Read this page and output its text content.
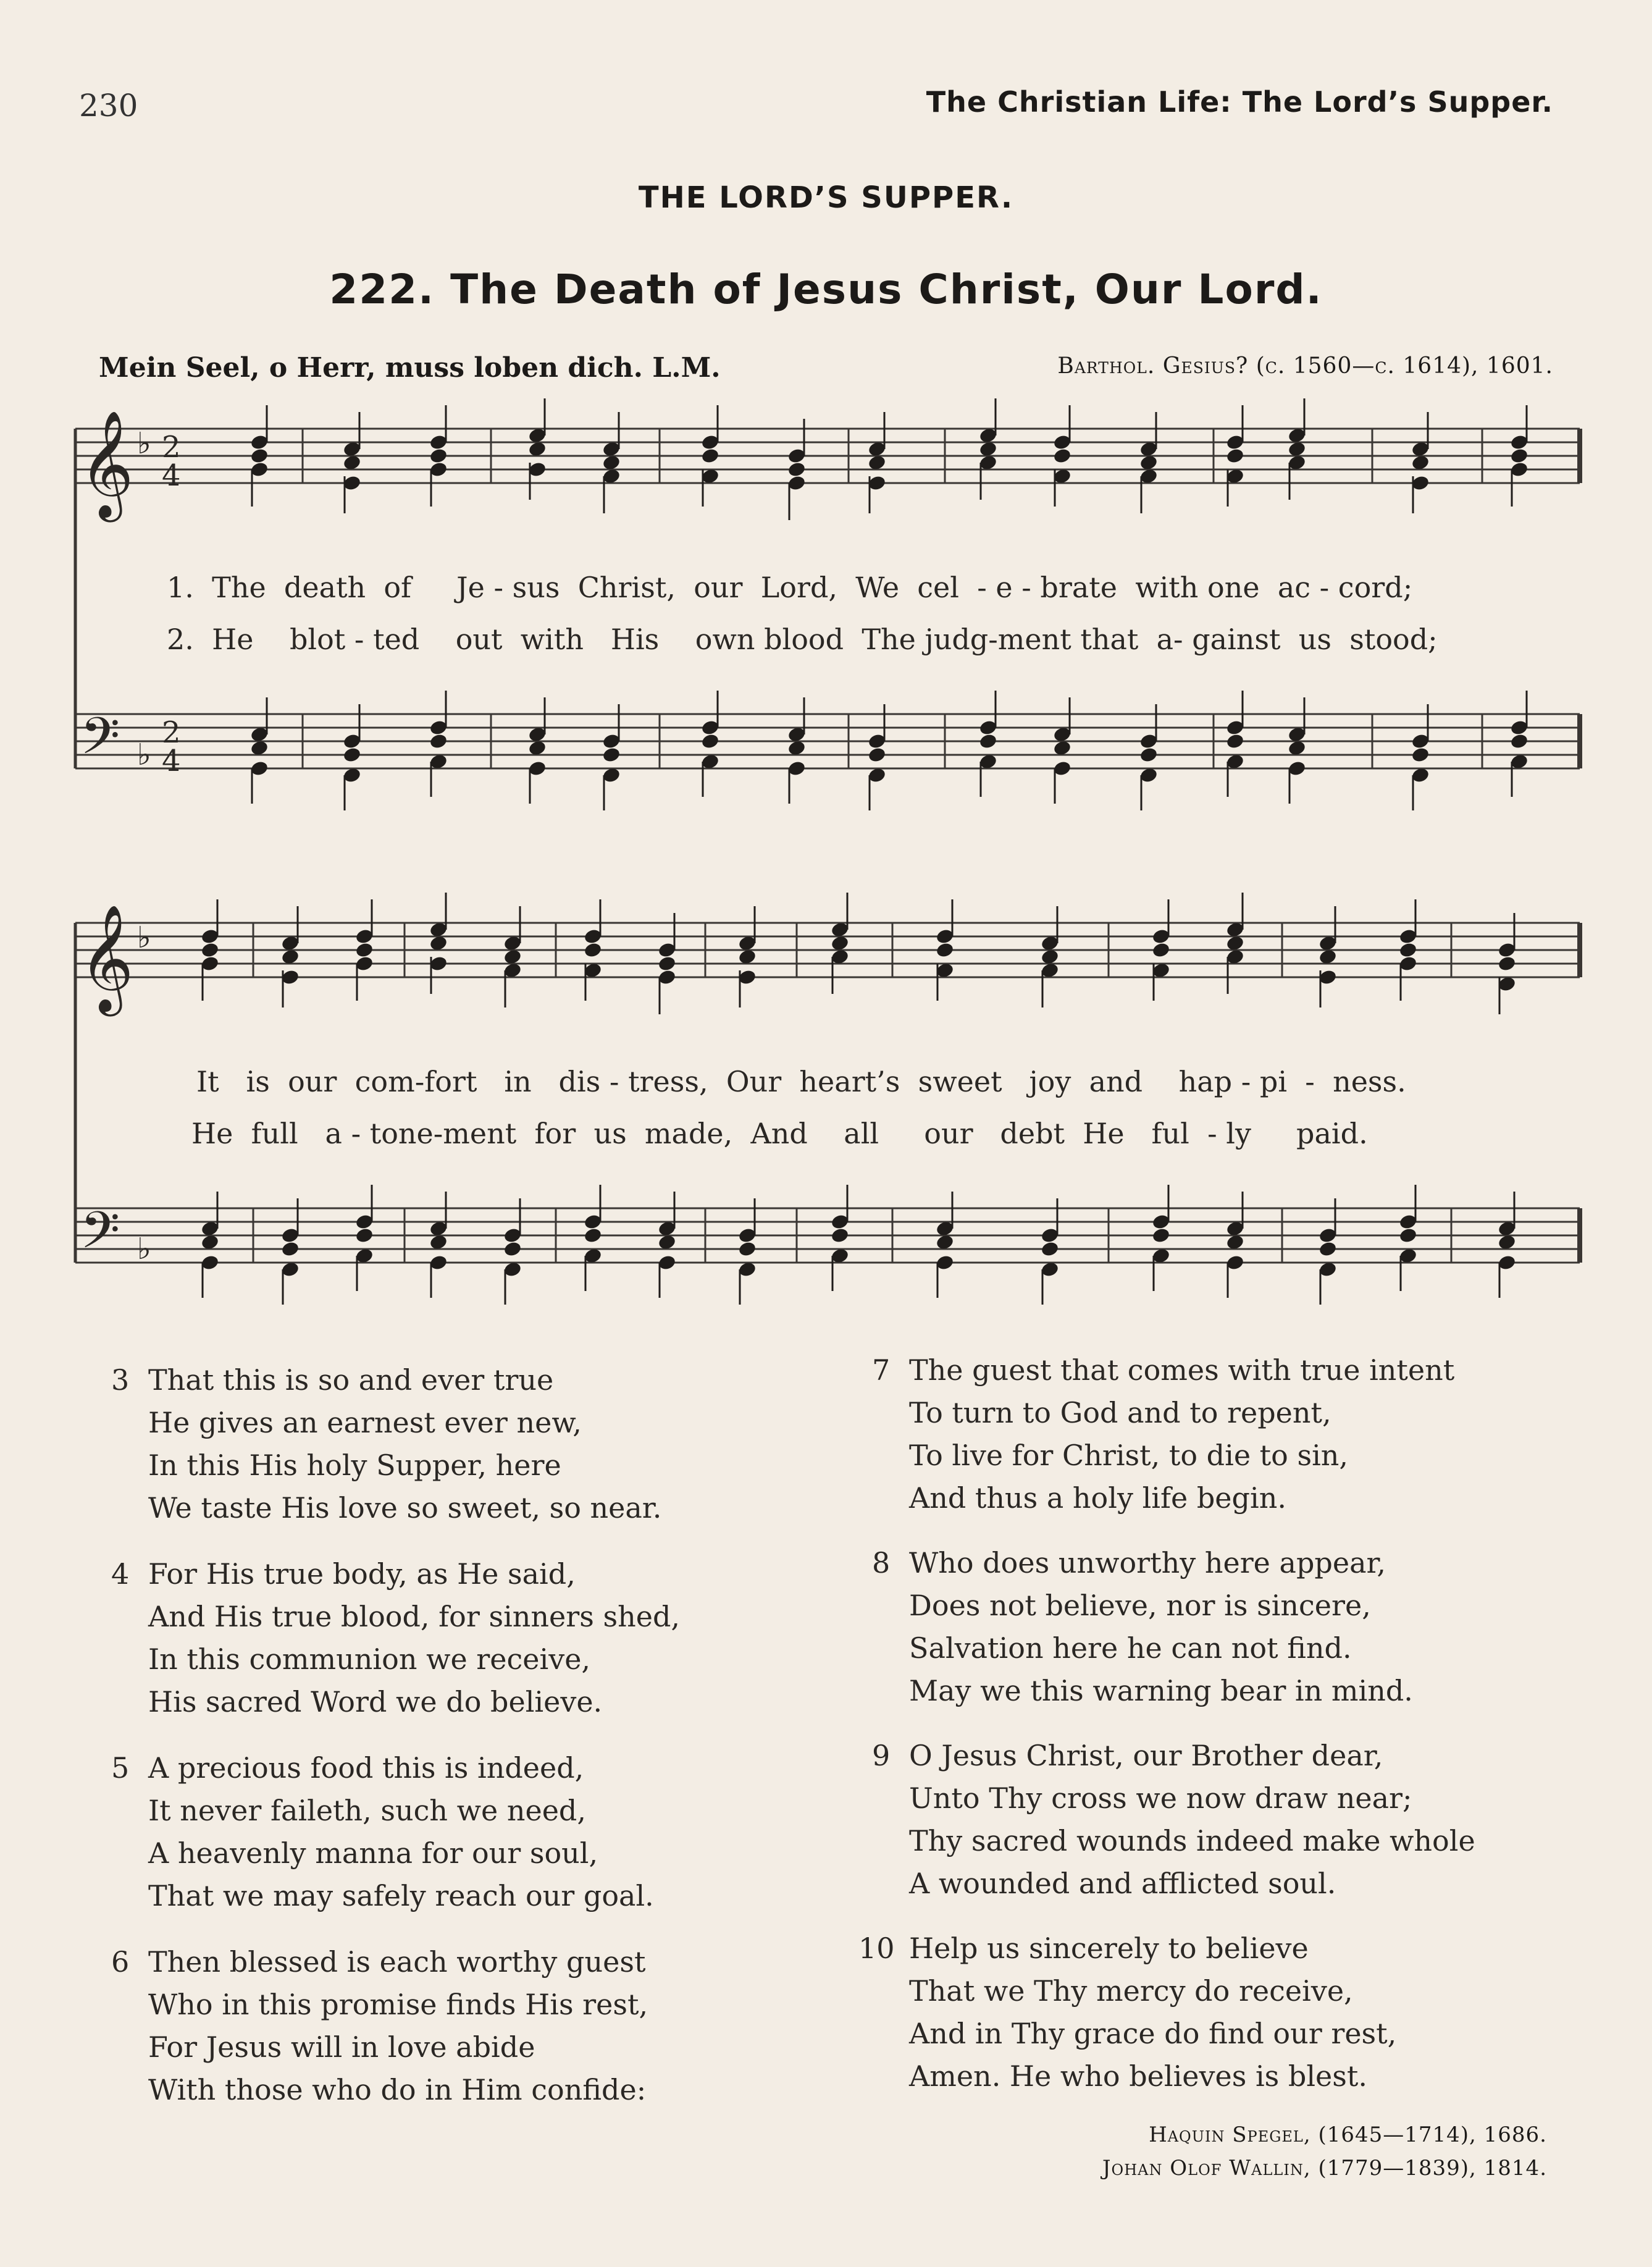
230	The Christian Life: The Lord’s Supper.
THE LORD’S SUPPER.
222. The Death of Jesus Christ, Our Lord.
Mein Seel, o Herr, muss loben dich. L.M.	Barthol. Gesius? (c. 1560—c. 1614), 1601.
𝄞
𝄞
𝄢
𝄢
2
4
2
4
♭
♭
♭
♭
1.  The  death  of     Je - sus  Christ,  our  Lord,  We  cel  - e - brate  with one  ac - cord;
2.  He    blot - ted    out  with   His    own blood  The judg-ment that  a- gainst  us  stood;
It   is  our  com-fort   in   dis - tress,  Our  heart’s  sweet   joy  and    hap - pi  -  ness.
He  full   a - tone-ment  for  us  made,  And    all     our   debt  He   ful  - ly     paid.
3 That this is so and ever true
He gives an earnest ever new,
In this His holy Supper, here
We taste His love so sweet, so near.
4 For His true body, as He said,
And His true blood, for sinners shed,
In this communion we receive,
His sacred Word we do believe.
5 A precious food this is indeed,
It never faileth, such we need,
A heavenly manna for our soul,
That we may safely reach our goal.
6 Then blessed is each worthy guest
Who in this promise finds His rest,
For Jesus will in love abide
With those who do in Him confide:
7 The guest that comes with true intent
To turn to God and to repent,
To live for Christ, to die to sin,
And thus a holy life begin.
8 Who does unworthy here appear,
Does not believe, nor is sincere,
Salvation here he can not find.
May we this warning bear in mind.
9 O Jesus Christ, our Brother dear,
Unto Thy cross we now draw near;
Thy sacred wounds indeed make whole
A wounded and afflicted soul.
10 Help us sincerely to believe
That we Thy mercy do receive,
And in Thy grace do find our rest,
Amen. He who believes is blest.
Haquin Spegel, (1645—1714), 1686.
Johan Olof Wallin, (1779—1839), 1814.
